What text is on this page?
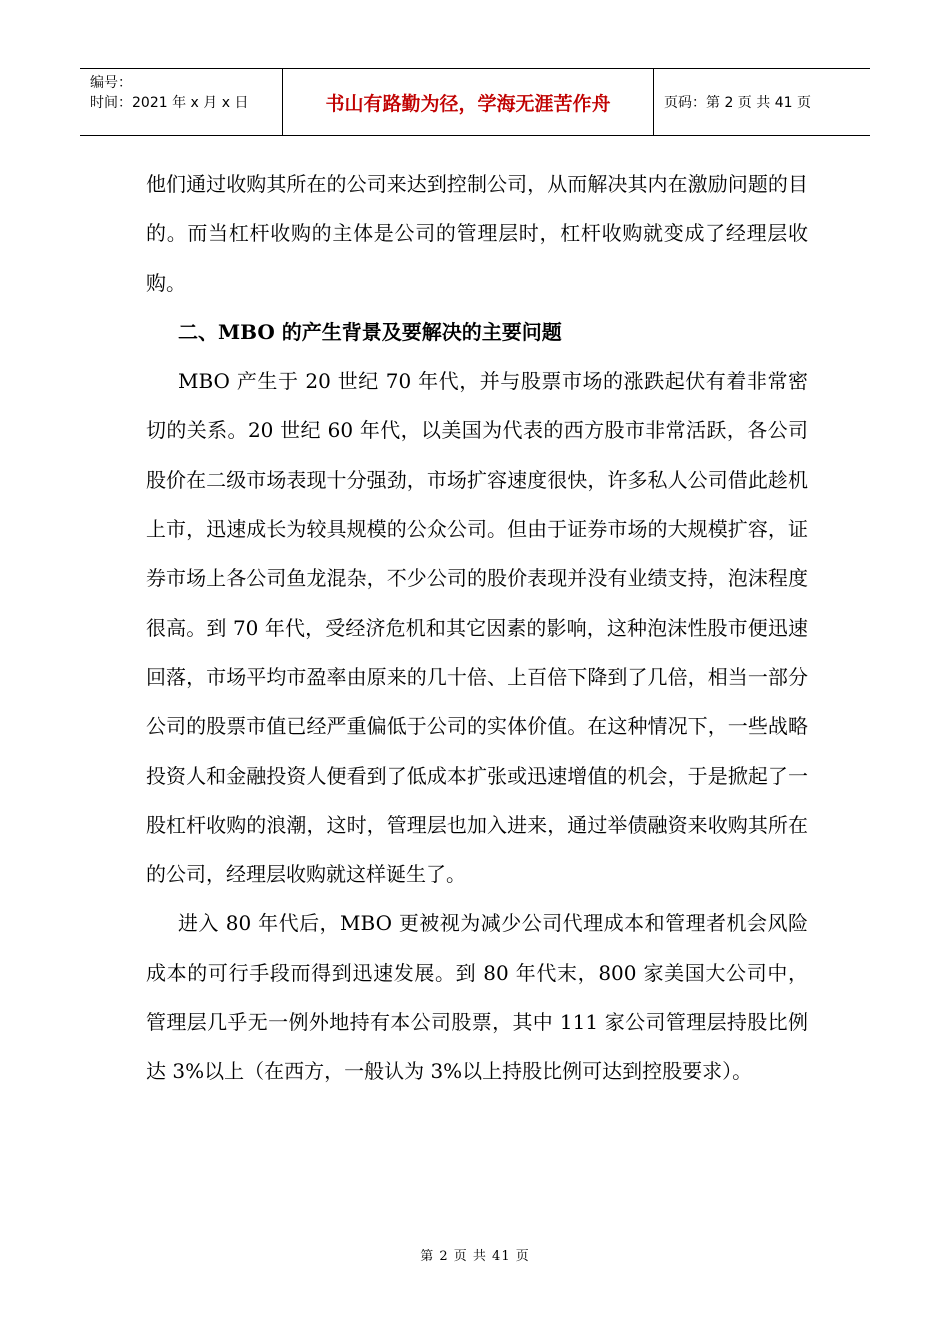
编号：
时间：2021 年 x 月 x 日	书山有路勤为径，学海无涯苦作舟	页码：第 2 页 共 41 页

他们通过收购其所在的公司来达到控制公司，从而解决其内在激励问题的目的。而当杠杆收购的主体是公司的管理层时，杠杆收购就变成了经理层收购。

二、MBO 的产生背景及要解决的主要问题

MBO 产生于 20 世纪 70 年代，并与股票市场的涨跌起伏有着非常密切的关系。20 世纪 60 年代，以美国为代表的西方股市非常活跃，各公司股价在二级市场表现十分强劲，市场扩容速度很快，许多私人公司借此趁机上市，迅速成长为较具规模的公众公司。但由于证券市场的大规模扩容，证券市场上各公司鱼龙混杂，不少公司的股价表现并没有业绩支持，泡沫程度很高。到 70 年代，受经济危机和其它因素的影响，这种泡沫性股市便迅速回落，市场平均市盈率由原来的几十倍、上百倍下降到了几倍，相当一部分公司的股票市值已经严重偏低于公司的实体价值。在这种情况下，一些战略投资人和金融投资人便看到了低成本扩张或迅速增值的机会，于是掀起了一股杠杆收购的浪潮，这时，管理层也加入进来，通过举债融资来收购其所在的公司，经理层收购就这样诞生了。

进入 80 年代后，MBO 更被视为减少公司代理成本和管理者机会风险成本的可行手段而得到迅速发展。到 80 年代末，800 家美国大公司中，管理层几乎无一例外地持有本公司股票，其中 111 家公司管理层持股比例达 3%以上（在西方，一般认为 3%以上持股比例可达到控股要求）。

第 2 页 共 41 页
